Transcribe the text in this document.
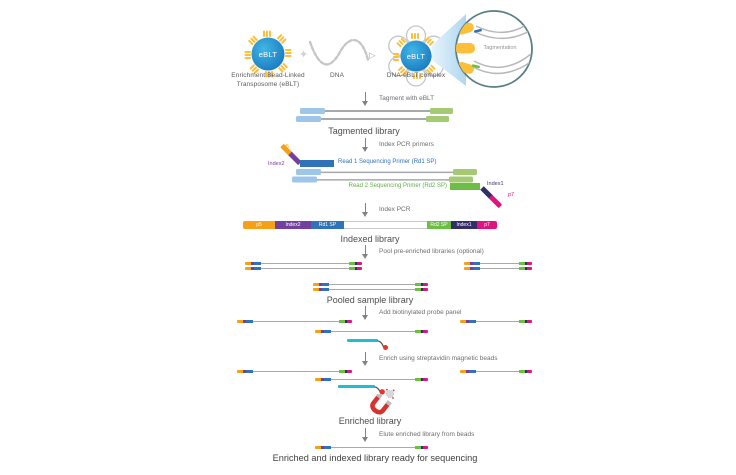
eBLT	✦	▷	eBLT
Tagmentation
Enrichment Bead-Linked
Transposome (eBLT)
DNA	DNA-eBLT complex
Tagment with eBLT
Tagmented library
Index PCR primers
p5
Index2	Read 1 Sequencing Primer (Rd1 SP)
Read 2 Sequencing Primer (Rd2 SP)	Index1
p7
Index PCR
p5	Index2	Rd1 SP	Rd2 SP	Index1	p7
Indexed library
Pool pre-enriched libraries (optional)
Pooled sample library
Add biotinylated probe panel
Enrich using streptavidin magnetic beads
Enriched library
Elute enriched library from beads
Enriched and indexed library ready for sequencing
